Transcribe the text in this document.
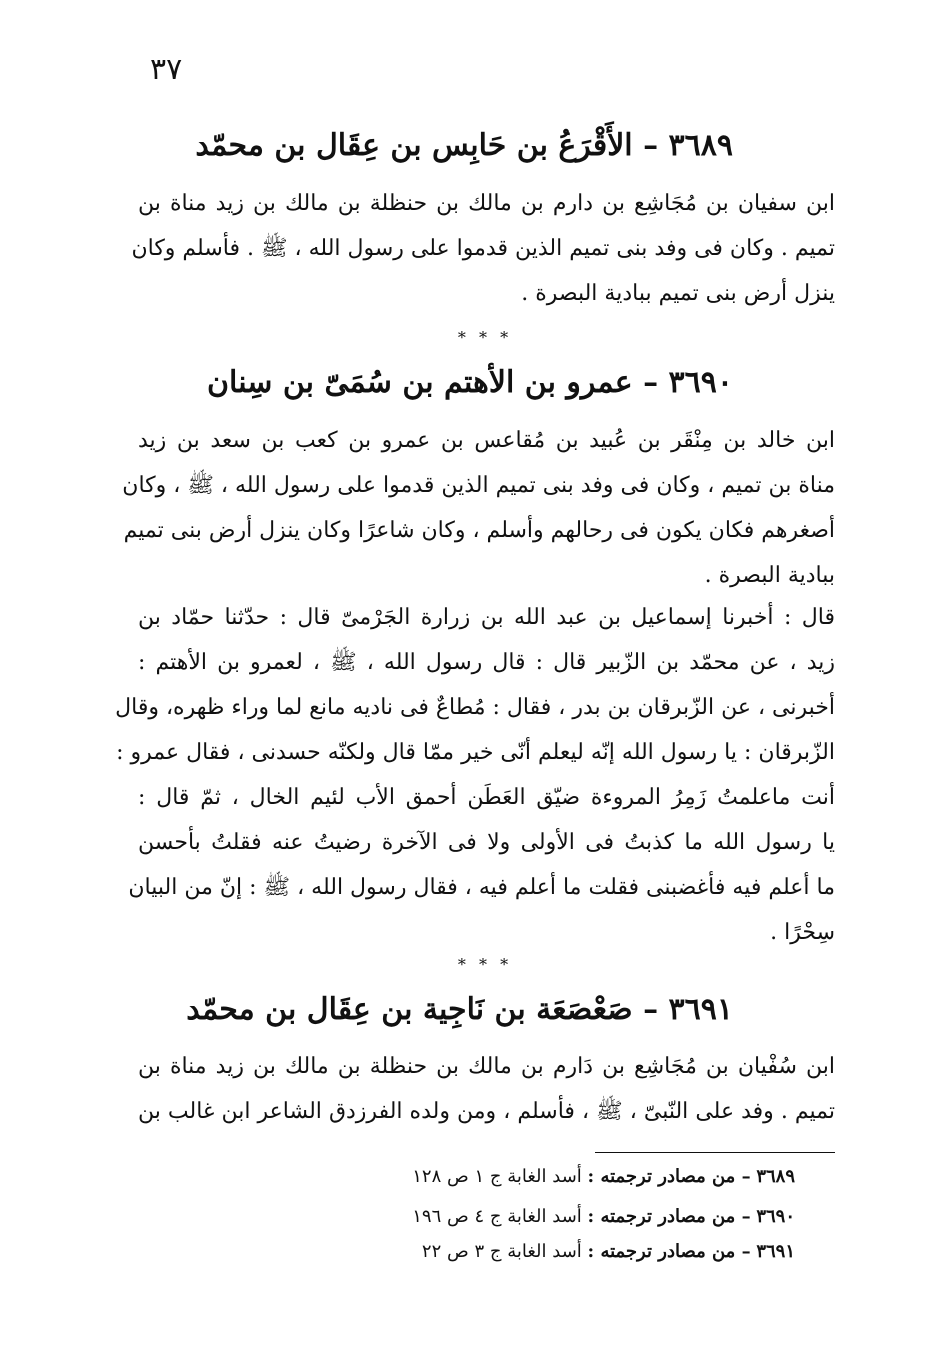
٣٧
٣٦٨٩ – الأَقْرَعُ بن حَابِس بن عِقَال بن محمّد
ابن سفيان بن مُجَاشِع بن دارم بن مالك بن حنظلة بن مالك بن زيد مناة بن
تميم . وكان فى وفد بنى تميم الذين قدموا على رسول الله ، ﷺ . فأسلم وكان
ينزل أرض بنى تميم ببادية البصرة .
* * *
٣٦٩٠ – عمرو بن الأهتم بن سُمَىّ بن سِنان
ابن خالد بن مِنْقَر بن عُبيد بن مُقاعس بن عمرو بن كعب بن سعد بن زيد
مناة بن تميم ، وكان فى وفد بنى تميم الذين قدموا على رسول الله ، ﷺ ، وكان
أصغرهم فكان يكون فى رحالهم وأسلم ، وكان شاعرًا وكان ينزل أرض بنى تميم
ببادية البصرة .
قال : أخبرنا إسماعيل بن عبد الله بن زرارة الجَرْمىّ قال : حدّثنا حمّاد بن
زيد ، عن محمّد بن الزّبير قال : قال رسول الله ، ﷺ ، لعمرو بن الأهتم :
أخبرنى ، عن الزّبرقان بن بدر ، فقال : مُطاعٌ فى ناديه مانع لما وراء ظهره، وقال
الزّبرقان : يا رسول الله إنّه ليعلم أنّى خير ممّا قال ولكنّه حسدنى ، فقال عمرو :
أنت ماعلمتُ زَمِرُ المروءة ضيّق العَطَن أحمق الأب لئيم الخال ، ثمّ قال :
يا رسول الله ما كذبتُ فى الأولى ولا فى الآخرة رضيتُ عنه فقلتُ بأحسن
ما أعلم فيه فأغضبنى فقلت ما أعلم فيه ، فقال رسول الله ، ﷺ : إنّ من البيان
سِحْرًا .
* * *
٣٦٩١ – صَعْصَعَة بن نَاجِية بن عِقَال بن محمّد
ابن سُفْيان بن مُجَاشِع بن دَارم بن مالك بن حنظلة بن مالك بن زيد مناة بن
تميم . وفد على النّبىّ ، ﷺ ، فأسلم ، ومن ولده الفرزدق الشاعر ابن غالب بن
٣٦٨٩ – من مصادر ترجمته : أسد الغابة ج ١ ص ١٢٨
٣٦٩٠ – من مصادر ترجمته : أسد الغابة ج ٤ ص ١٩٦
٣٦٩١ – من مصادر ترجمته : أسد الغابة ج ٣ ص ٢٢
